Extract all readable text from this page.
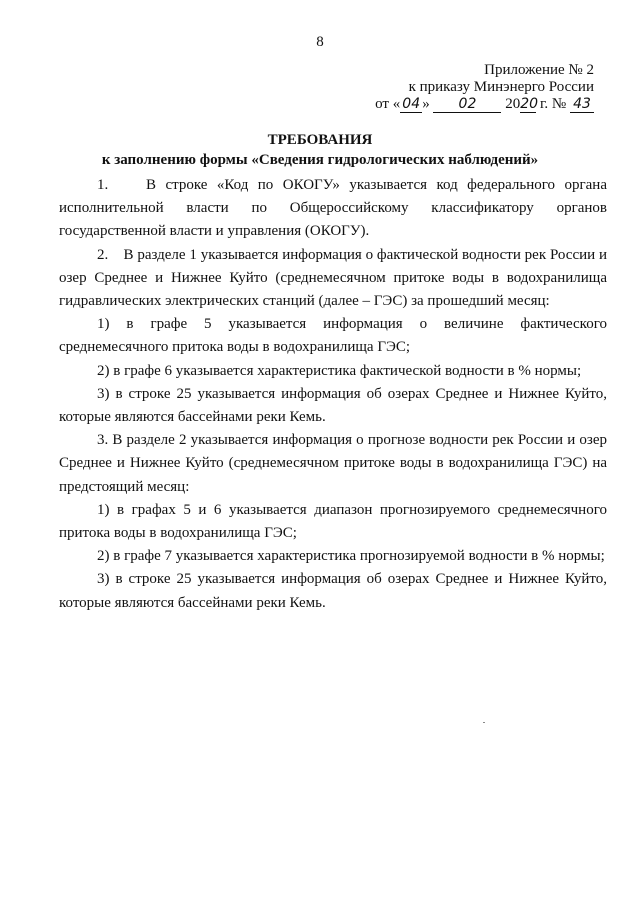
8
Приложение № 2
к приказу Минэнерго России
от « 04 » 02 2020 г. № 43
ТРЕБОВАНИЯ
к заполнению формы «Сведения гидрологических наблюдений»

1.    В строке «Код по ОКОГУ» указывается код федерального органа исполнительной власти по Общероссийскому классификатору органов государственной власти и управления (ОКОГУ).

2.    В разделе 1 указывается информация о фактической водности рек России и озер Среднее и Нижнее Куйто (среднемесячном притоке воды в водохранилища гидравлических электрических станций (далее – ГЭС) за прошедший месяц:

1) в графе 5 указывается информация о величине фактического среднемесячного притока воды в водохранилища ГЭС;

2) в графе 6 указывается характеристика фактической водности в % нормы;

3) в строке 25 указывается информация об озерах Среднее и Нижнее Куйто, которые являются бассейнами реки Кемь.

3. В разделе 2 указывается информация о прогнозе водности рек России и озер Среднее и Нижнее Куйто (среднемесячном притоке воды в водохранилища ГЭС) на предстоящий месяц:

1) в графах 5 и 6 указывается диапазон прогнозируемого среднемесячного притока воды в водохранилища ГЭС;

2) в графе 7 указывается характеристика прогнозируемой водности в % нормы;

3) в строке 25 указывается информация об озерах Среднее и Нижнее Куйто, которые являются бассейнами реки Кемь.
